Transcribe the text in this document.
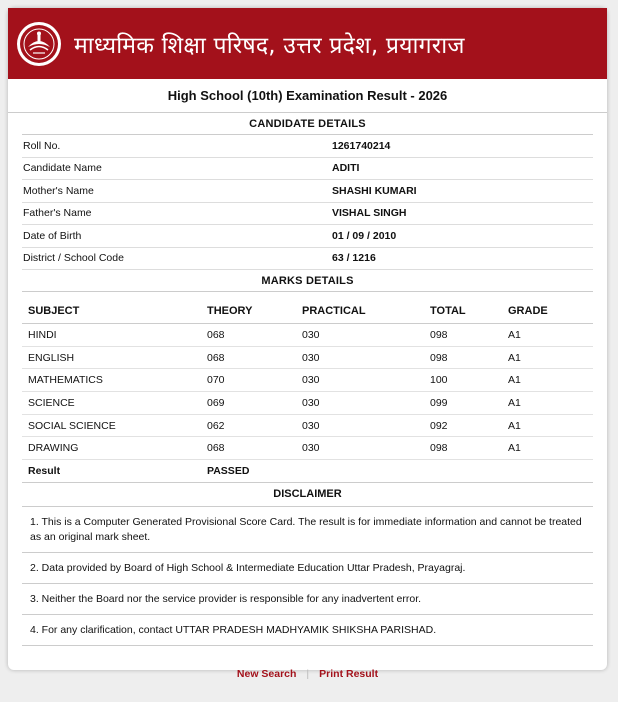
माध्यमिक शिक्षा परिषद, उत्तर प्रदेश, प्रयागराज
High School (10th) Examination Result - 2026
CANDIDATE DETAILS
Roll No.	1261740214
Candidate Name	ADITI
Mother's Name	SHASHI KUMARI
Father's Name	VISHAL SINGH
Date of Birth	01 / 09 / 2010
District / School Code	63 / 1216
MARKS DETAILS
SUBJECT	THEORY	PRACTICAL	TOTAL	GRADE
HINDI	068	030	098	A1
ENGLISH	068	030	098	A1
MATHEMATICS	070	030	100	A1
SCIENCE	069	030	099	A1
SOCIAL SCIENCE	062	030	092	A1
DRAWING	068	030	098	A1
Result	PASSED
DISCLAIMER
1. This is a Computer Generated Provisional Score Card. The result is for immediate information and cannot be treated as an original mark sheet.
2. Data provided by Board of High School & Intermediate Education Uttar Pradesh, Prayagraj.
3. Neither the Board nor the service provider is responsible for any inadvertent error.
4. For any clarification, contact UTTAR PRADESH MADHYAMIK SHIKSHA PARISHAD.
New Search | Print Result
